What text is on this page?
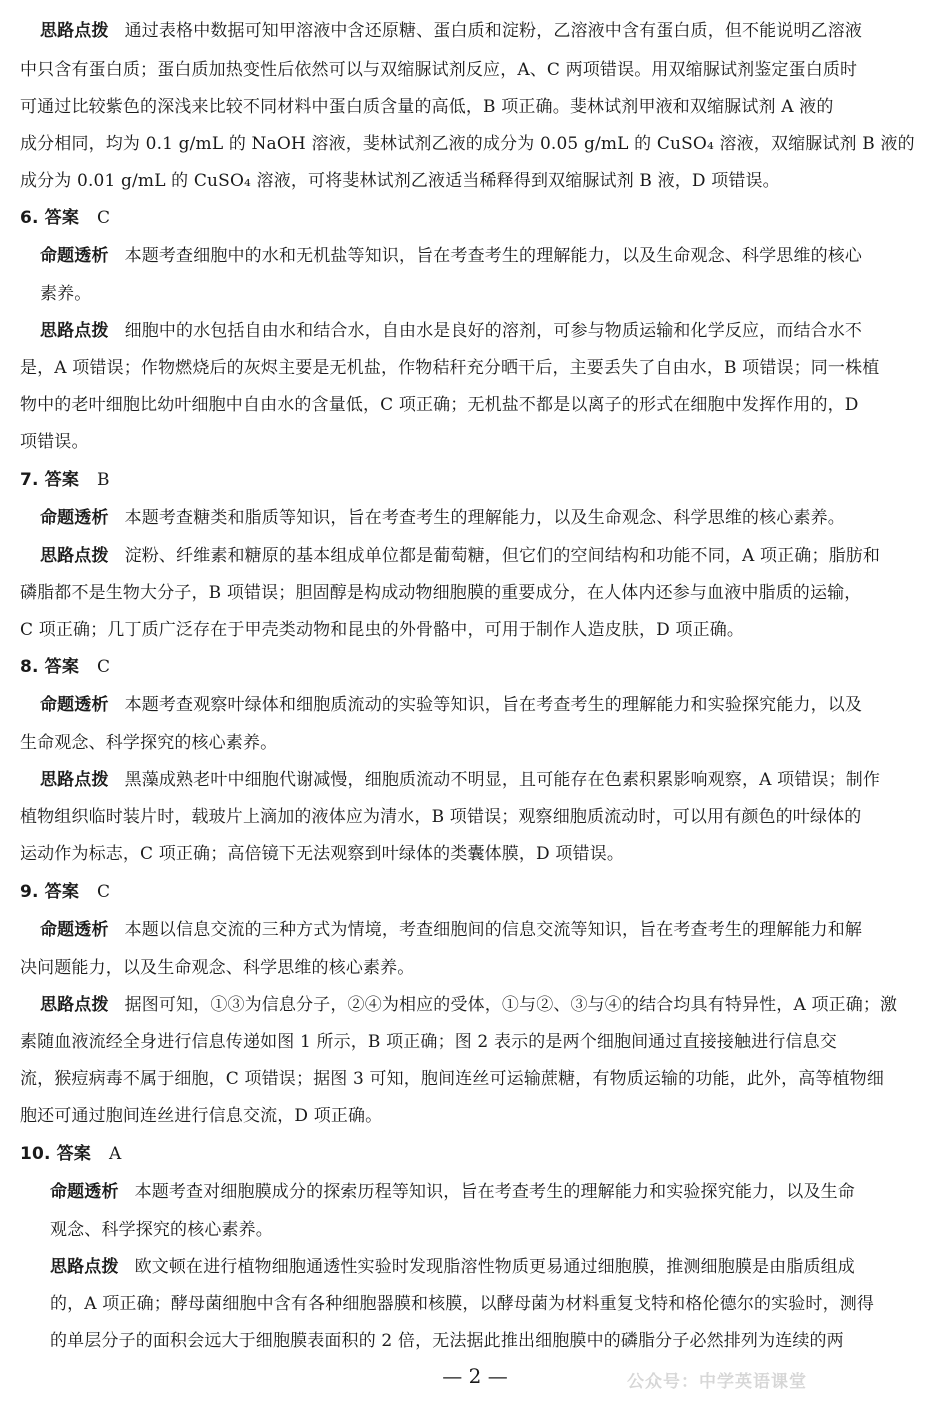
思路点拨 通过表格中数据可知甲溶液中含还原糖、蛋白质和淀粉，乙溶液中含有蛋白质，但不能说明乙溶液
中只含有蛋白质；蛋白质加热变性后依然可以与双缩脲试剂反应，A、C 两项错误。用双缩脲试剂鉴定蛋白质时
可通过比较紫色的深浅来比较不同材料中蛋白质含量的高低，B 项正确。斐林试剂甲液和双缩脲试剂 A 液的
成分相同，均为 0.1 g/mL 的 NaOH 溶液，斐林试剂乙液的成分为 0.05 g/mL 的 CuSO₄ 溶液，双缩脲试剂 B 液的
成分为 0.01 g/mL 的 CuSO₄ 溶液，可将斐林试剂乙液适当稀释得到双缩脲试剂 B 液，D 项错误。
6. 答案 C
命题透析 本题考查细胞中的水和无机盐等知识，旨在考查考生的理解能力，以及生命观念、科学思维的核心
素养。
思路点拨 细胞中的水包括自由水和结合水，自由水是良好的溶剂，可参与物质运输和化学反应，而结合水不
是，A 项错误；作物燃烧后的灰烬主要是无机盐，作物秸秆充分晒干后，主要丢失了自由水，B 项错误；同一株植
物中的老叶细胞比幼叶细胞中自由水的含量低，C 项正确；无机盐不都是以离子的形式在细胞中发挥作用的，D
项错误。
7. 答案 B
命题透析 本题考查糖类和脂质等知识，旨在考查考生的理解能力，以及生命观念、科学思维的核心素养。
思路点拨 淀粉、纤维素和糖原的基本组成单位都是葡萄糖，但它们的空间结构和功能不同，A 项正确；脂肪和
磷脂都不是生物大分子，B 项错误；胆固醇是构成动物细胞膜的重要成分，在人体内还参与血液中脂质的运输，
C 项正确；几丁质广泛存在于甲壳类动物和昆虫的外骨骼中，可用于制作人造皮肤，D 项正确。
8. 答案 C
命题透析 本题考查观察叶绿体和细胞质流动的实验等知识，旨在考查考生的理解能力和实验探究能力，以及
生命观念、科学探究的核心素养。
思路点拨 黑藻成熟老叶中细胞代谢减慢，细胞质流动不明显，且可能存在色素积累影响观察，A 项错误；制作
植物组织临时装片时，载玻片上滴加的液体应为清水，B 项错误；观察细胞质流动时，可以用有颜色的叶绿体的
运动作为标志，C 项正确；高倍镜下无法观察到叶绿体的类囊体膜，D 项错误。
9. 答案 C
命题透析 本题以信息交流的三种方式为情境，考查细胞间的信息交流等知识，旨在考查考生的理解能力和解
决问题能力，以及生命观念、科学思维的核心素养。
思路点拨 据图可知，①③为信息分子，②④为相应的受体，①与②、③与④的结合均具有特异性，A 项正确；激
素随血液流经全身进行信息传递如图 1 所示，B 项正确；图 2 表示的是两个细胞间通过直接接触进行信息交
流，猴痘病毒不属于细胞，C 项错误；据图 3 可知，胞间连丝可运输蔗糖，有物质运输的功能，此外，高等植物细
胞还可通过胞间连丝进行信息交流，D 项正确。
10. 答案 A
命题透析 本题考查对细胞膜成分的探索历程等知识，旨在考查考生的理解能力和实验探究能力，以及生命
观念、科学探究的核心素养。
思路点拨 欧文顿在进行植物细胞通透性实验时发现脂溶性物质更易通过细胞膜，推测细胞膜是由脂质组成
的，A 项正确；酵母菌细胞中含有各种细胞器膜和核膜，以酵母菌为材料重复戈特和格伦德尔的实验时，测得
的单层分子的面积会远大于细胞膜表面积的 2 倍，无法据此推出细胞膜中的磷脂分子必然排列为连续的两
— 2 —	公众号：中学英语课堂
